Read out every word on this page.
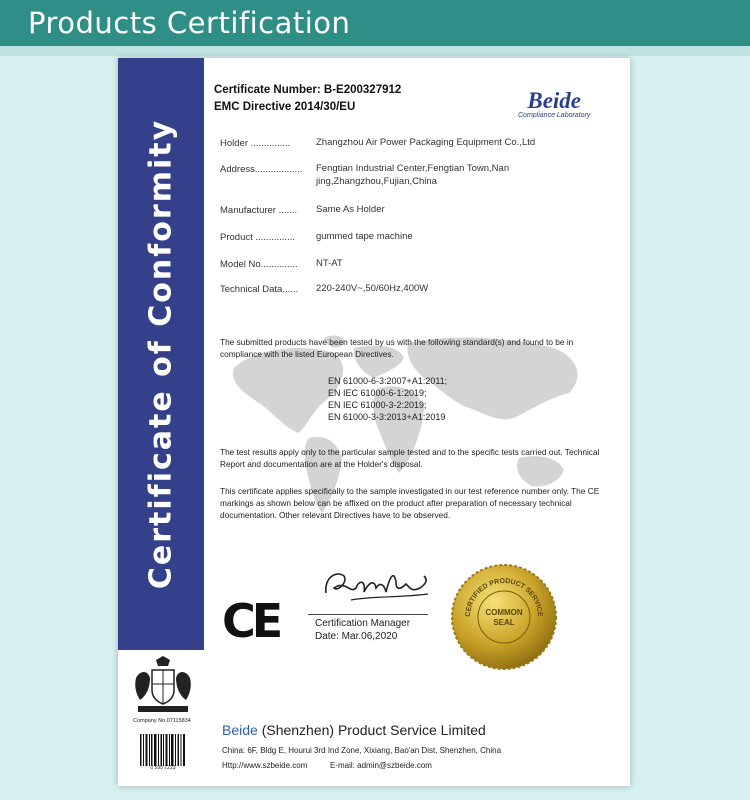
Products Certification
Certificate of Conformity
Certificate Number: B-E200327912
EMC Directive 2014/30/EU	Beide
Compliance Laboratory
Holder ...............	Zhangzhou Air Power Packaging Equipment Co.,Ltd
Address.................. Fengtian Industrial Center,Fengtian Town,Nan jing,Zhangzhou,Fujian,China
Manufacturer ....... Same As Holder
Product ............... gummed tape machine
Model No.............. NT-AT
Technical Data...... 220-240V~,50/60Hz,400W
The submitted products have been tested by us with the following standard(s) and found to be in compliance with the listed European Directives.
EN 61000-6-3:2007+A1:2011;
EN IEC 61000-6-1:2019;
EN IEC 61000-3-2:2019;
EN 61000-3-3:2013+A1:2019
The test results apply only to the particular sample tested and to the specific tests carried out. Technical Report and documentation are at the Holder's disposal.
This certificate applies specifically to the sample investigated in our test reference number only. The CE markings as shown below can be affixed on the product after preparation of necessary technical documentation. Other relevant Directives have to be observed.
CE	Certification Manager
Date: Mar.06,2020
CERTIFIED PRODUCT SERVICE
COMMON
SEAL
Company No.07115834
0 595 7223
Beide (Shenzhen) Product Service Limited
China: 6F, Bldg E, Hourui 3rd Ind Zone, Xixiang, Bao'an Dist, Shenzhen, China
Http://www.szbeide.com	E-mail: admin@szbeide.com
